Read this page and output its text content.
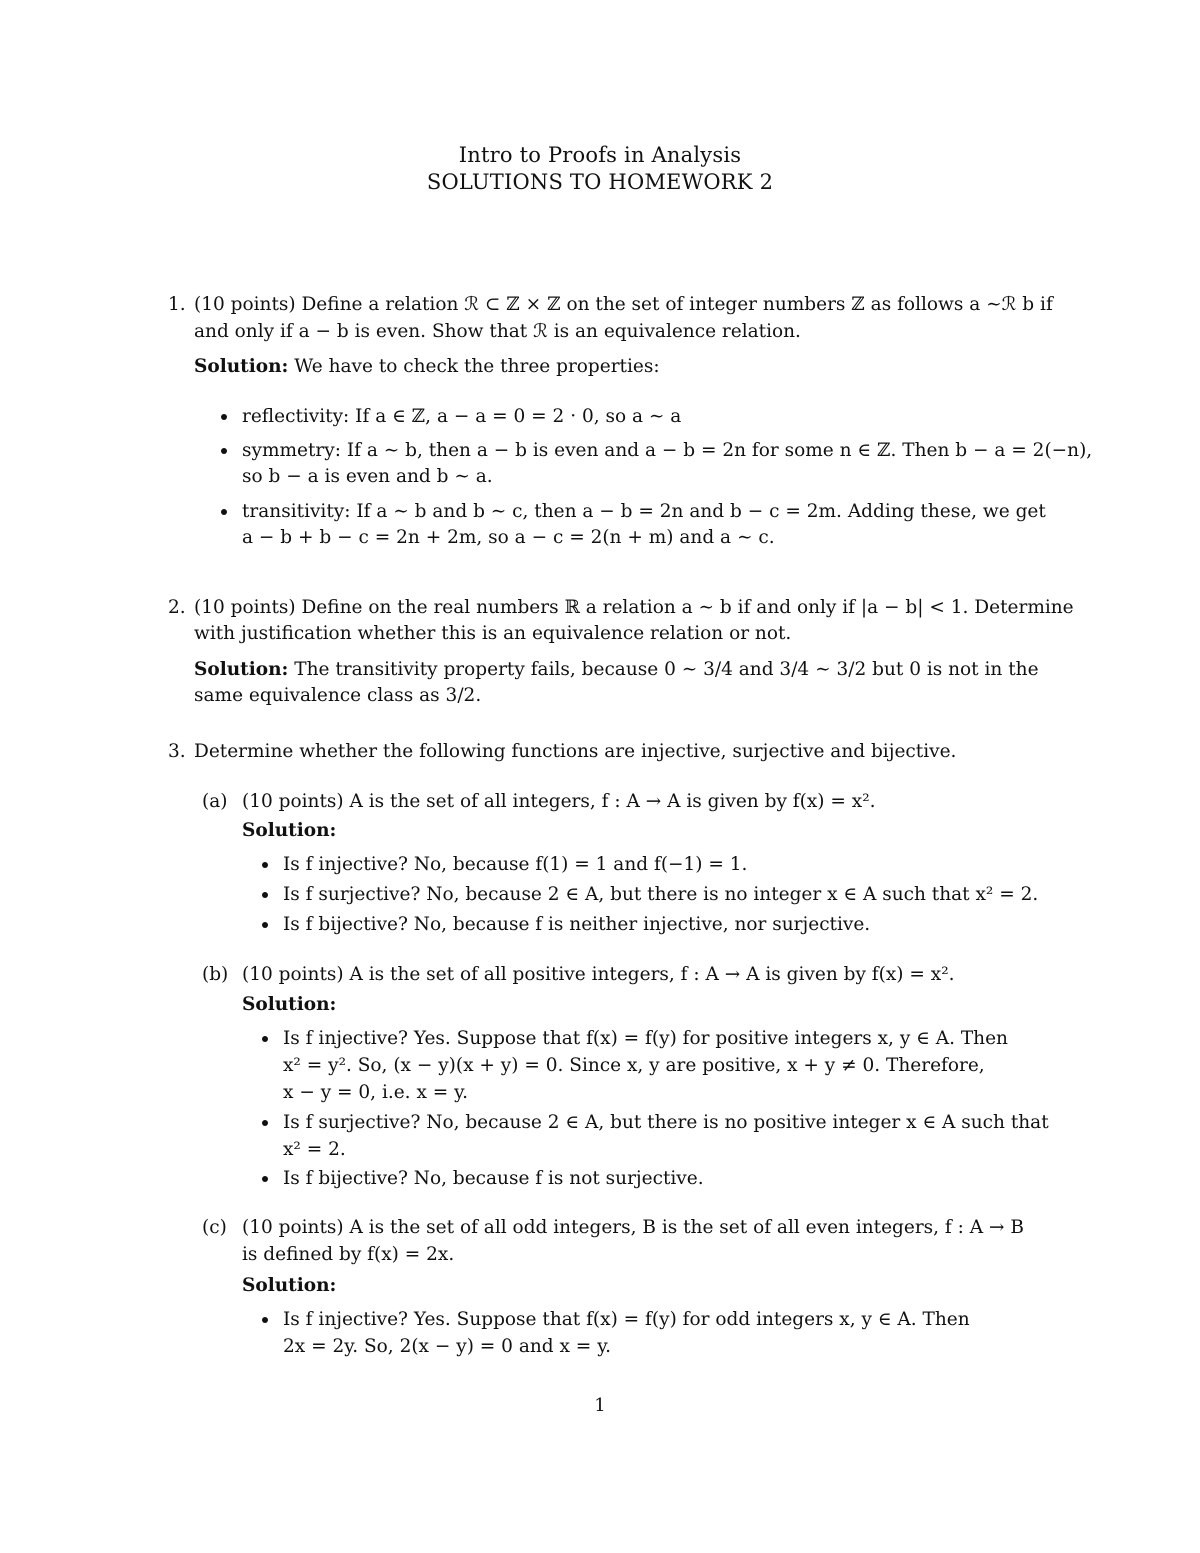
Intro to Proofs in Analysis
SOLUTIONS TO HOMEWORK 2
1. (10 points) Define a relation ℛ ⊂ ℤ × ℤ on the set of integer numbers ℤ as follows a ∼ℛ b if
and only if a − b is even. Show that ℛ is an equivalence relation.
Solution: We have to check the three properties:
reflectivity: If a ∈ ℤ, a − a = 0 = 2 · 0, so a ∼ a
symmetry: If a ∼ b, then a − b is even and a − b = 2n for some n ∈ ℤ. Then b − a = 2(−n),
so b − a is even and b ∼ a.
transitivity: If a ∼ b and b ∼ c, then a − b = 2n and b − c = 2m. Adding these, we get
a − b + b − c = 2n + 2m, so a − c = 2(n + m) and a ∼ c.
2. (10 points) Define on the real numbers ℝ a relation a ∼ b if and only if |a − b| < 1. Determine
with justification whether this is an equivalence relation or not.
Solution: The transitivity property fails, because 0 ∼ 3/4 and 3/4 ∼ 3/2 but 0 is not in the
same equivalence class as 3/2.
3. Determine whether the following functions are injective, surjective and bijective.
(a) (10 points) A is the set of all integers, f : A → A is given by f(x) = x².
Solution:
Is f injective? No, because f(1) = 1 and f(−1) = 1.
Is f surjective? No, because 2 ∈ A, but there is no integer x ∈ A such that x² = 2.
Is f bijective? No, because f is neither injective, nor surjective.
(b) (10 points) A is the set of all positive integers, f : A → A is given by f(x) = x².
Solution:
Is f injective? Yes. Suppose that f(x) = f(y) for positive integers x, y ∈ A. Then
x² = y². So, (x − y)(x + y) = 0. Since x, y are positive, x + y ≠ 0. Therefore,
x − y = 0, i.e. x = y.
Is f surjective? No, because 2 ∈ A, but there is no positive integer x ∈ A such that
x² = 2.
Is f bijective? No, because f is not surjective.
(c) (10 points) A is the set of all odd integers, B is the set of all even integers, f : A → B
is defined by f(x) = 2x.
Solution:
Is f injective? Yes. Suppose that f(x) = f(y) for odd integers x, y ∈ A. Then
2x = 2y. So, 2(x − y) = 0 and x = y.
1
